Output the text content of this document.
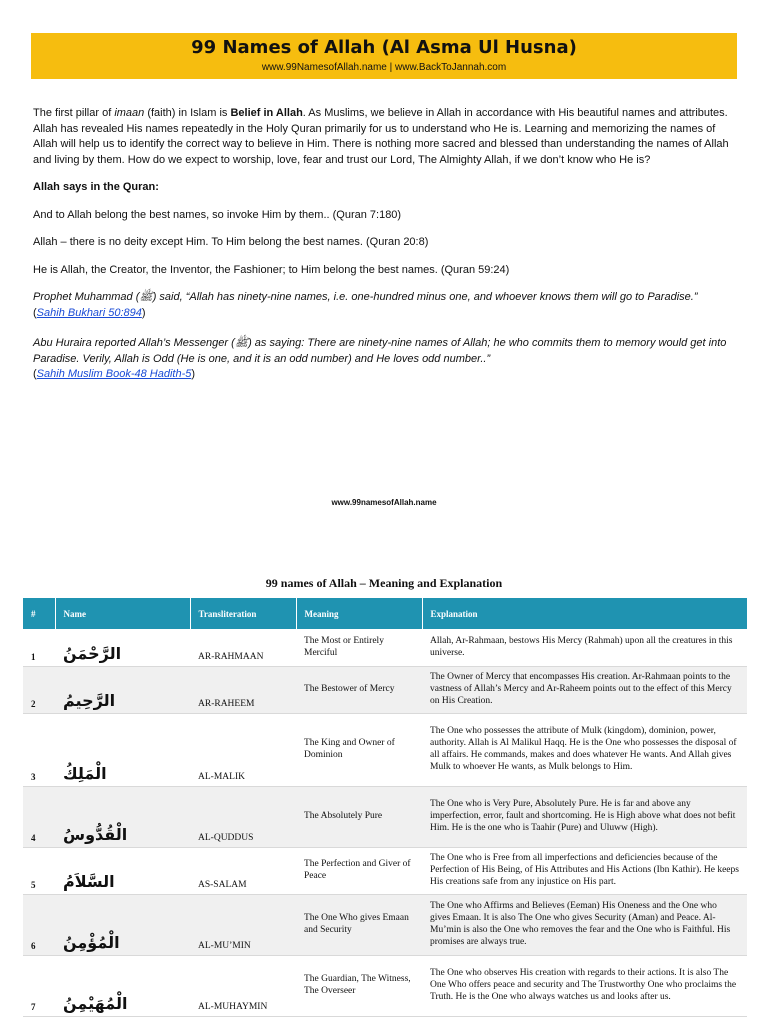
99 Names of Allah (Al Asma Ul Husna)
www.99NamesofAllah.name | www.BackToJannah.com

The first pillar of imaan (faith) in Islam is Belief in Allah. As Muslims, we believe in Allah in accordance with His beautiful names and attributes. Allah has revealed His names repeatedly in the Holy Quran primarily for us to understand who He is. Learning and memorizing the names of Allah will help us to identify the correct way to believe in Him. There is nothing more sacred and blessed than understanding the names of Allah and living by them. How do we expect to worship, love, fear and trust our Lord, The Almighty Allah, if we don’t know who He is?

Allah says in the Quran:

And to Allah belong the best names, so invoke Him by them.. (Quran 7:180)

Allah – there is no deity except Him. To Him belong the best names. (Quran 20:8)

He is Allah, the Creator, the Inventor, the Fashioner; to Him belong the best names. (Quran 59:24)

Prophet Muhammad (ﷺ) said, “Allah has ninety-nine names, i.e. one-hundred minus one, and whoever knows them will go to Paradise.”
(Sahih Bukhari 50:894)

Abu Huraira reported Allah’s Messenger (ﷺ) as saying: There are ninety-nine names of Allah; he who commits them to memory would get into Paradise. Verily, Allah is Odd (He is one, and it is an odd number) and He loves odd number..”
(Sahih Muslim Book-48 Hadith-5)

www.99namesofAllah.name
99 names of Allah – Meaning and Explanation
#	Name	Transliteration	Meaning	Explanation
1	الرَّحْمَنُ	AR-RAHMAAN	The Most or Entirely Merciful	Allah, Ar-Rahmaan, bestows His Mercy (Rahmah) upon all the creatures in this universe.
2	الرَّحِيمُ	AR-RAHEEM	The Bestower of Mercy	The Owner of Mercy that encompasses His creation. Ar-Rahmaan points to the vastness of Allah’s Mercy and Ar-Raheem points out to the effect of this Mercy on His Creation.
3	الْمَلِكُ	AL-MALIK	The King and Owner of Dominion	The One who possesses the attribute of Mulk (kingdom), dominion, power, authority. Allah is Al Malikul Haqq. He is the One who possesses the disposal of all affairs. He commands, makes and does whatever He wants. And Allah gives Mulk to whoever He wants, as Mulk belongs to Him.
4	الْقُدُّوسُ	AL-QUDDUS	The Absolutely Pure	The One who is Very Pure, Absolutely Pure. He is far and above any imperfection, error, fault and shortcoming. He is High above what does not befit Him. He is the one who is Taahir (Pure) and Uluww (High).
5	السَّلاَمُ	AS-SALAM	The Perfection and Giver of Peace	The One who is Free from all imperfections and deficiencies because of the Perfection of His Being, of His Attributes and His Actions (Ibn Kathir). He keeps His creations safe from any injustice on His part.
6	الْمُؤْمِنُ	AL-MU’MIN	The One Who gives Emaan and Security	The One who Affirms and Believes (Eeman) His Oneness and the One who gives Emaan. It is also The One who gives Security (Aman) and Peace. Al-Mu’min is also the One who removes the fear and the One who is Faithful. His promises are always true.
7	الْمُهَيْمِنُ	AL-MUHAYMIN	The Guardian, The Witness, The Overseer	The One who observes His creation with regards to their actions. It is also The One Who offers peace and security and The Trustworthy One who proclaims the Truth. He is the One who always watches us and looks after us.
